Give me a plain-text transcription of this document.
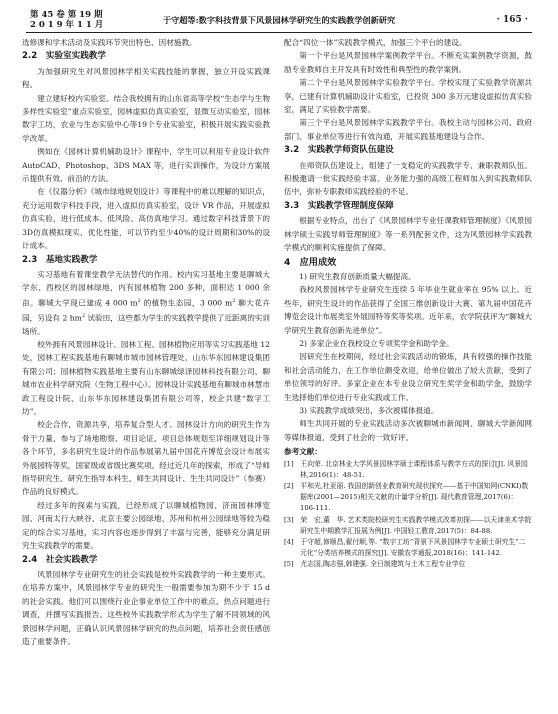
第 45 卷 第 19 期
2 0 1 9 年 1 1 月	于守超等:数字科技背景下风景园林学研究生的实践教学创新研究	· 165 ·

选修课和学术活动及实践环节突出特色、因材施教。

2.2　实验室实践教学

为加强研究生对风景园林学相关实践技能的掌握，独立开设实践课程。

建立建好校内实验室。结合我校拥有的山东省高等学校“生态学与生物多样性实验室”重点实验室，园林虚拟仿真实验室，显微互动实验室，园林数字工坊，农业与生态实验中心等19个专业实验室，积极开展实践实验教学改革。

例如在《园林计算机辅助设计》课程中，学生可以利用专业设计软件 AutoCAD、Photoshop、3DS MAX 等，进行实训操作，为设计方案展示提供有效、前沿的方法。

在《仪器分析》《城市绿地规划设计》等课程中的难以理解的知识点，充分运用数字科技手段，进入虚拟仿真实验室，设计 VR 作品，开展虚拟仿真实验，进行低成本、低风险、高仿真地学习。通过数字科技背景下的3D仿真模拟现实、优化性能，可以节约至少40%的设计周期和30%的设计成本。

2.3　基地实践教学

实习基地有着课堂教学无法替代的作用。校内实习基地主要是聊城大学东、西校区的园林绿地，内有园林植物 200 多种，面积达 1 000 余亩。聊城大学现已建成 4 000 $m^2$ 的植物生态园，3 000 $m^2$ 聊大花卉园，另设有 2 $hm^2$ 试验田，这些都为学生的实践教学提供了近距离的实训场所。

校外拥有风景园林设计、园林工程、园林植物应用等实习实践基地 12 处，园林工程实践基地有聊城市城市园林管理处、山东华东园林建设集团有限公司；园林植物实践基地主要有山东聊城绿泽园林科技有限公司、聊城市农业科学研究院（生物工程中心）。园林设计实践基地有聊城市林慧市政工程设计院、山东华东园林建设集团有限公司等，校企共建“数字工坊”。

校企合作，资源共享，培养复合型人才。园林设计方向的研究生作为骨干力量，参与了场地勘察、项目论证、项目总体规划至详细规划设计等各个环节，多名研究生设计的作品参展第九届中国花卉博览会设计布展实外展园特等奖，国家级或省级比赛奖项。经过近几年的探索，形成了“导师指导研究生、研究生指导本科生、师生共同设计、生生共同设计”（参赛）作品的良好模式。

经过多年的探索与实践，已经形成了以聊城植物园、济南园林博览园、河南太行大峡谷、北京主要公园绿地、苏州和杭州公园绿地等较为稳定的综合实习基地，实习内容也逐步得到了丰富与完善，能够充分满足研究生实践教学的需要。

2.4　社会实践教学

风景园林学专业研究生的社会实践是校外实践教学的一种主要形式。在培养方案中，风景园林学专业的研究生一般需要参加为期不少于 15 d 的社会实践。他们可以围绕行业企事业单位工作中的难点、热点问题进行调查，并撰写实践报告。这些校外实践教学形式为学生了解不同领域的风景园林学问题，正确认识风景园林学研究的热点问题，培养社会责任感创造了重要条件。

配合“四位一体”实践教学模式，加强三个平台的建设。

第一个平台是风景园林学案例教学平台。不断充实案例教学资源，鼓励专业教师自主开发具有时效性和典型性的教学案例。

第二个平台是风景园林学实验教学平台。学校实现了实验教学资源共享，已建有计算机辅助设计实验室，已投资 300 多万元建设虚拟仿真实验室，满足了实验教学需要。

第三个平台是风景园林学实践教学平台。我校主动与园林公司、政府部门、事业单位等进行有效沟通，开展实践基地建设与合作。

3.2　实践教学师资队伍建设

在师资队伍建设上，组建了一支稳定的实践教学专、兼职教师队伍。积极邀请一批实践经验丰富、业务能力强的高级工程师加入到实践教师队伍中，弥补专职教师实践经验的不足。

3.3　实践教学管理制度保障

根据专业特点，出台了《风景园林学专业任课教师管理制度》《风景园林学硕士实践导师管理制度》等一系列配套文件，这为风景园林学实践教学模式的顺利实施提供了保障。

4　应用成效

1) 研究生教育创新质量大幅提高。

我校风景园林学专业研究生连续 5 年毕业生就业率在 95% 以上。近些年，研究生设计的作品获得了全国三维创新设计大赛、第九届中国花卉博览会设计布展类室外展园特等奖等奖项。近年来，农学院获评为“聊城大学研究生教育创新先进单位”。

2) 多家企业在我校设立专项奖学金和助学金。

因研究生在校期间，经过社会实践活动的锻炼，具有较强的操作技能和社会活动能力，在工作单位颇受欢迎，给单位做出了较大贡献，受到了单位领导的好评。多家企业在本专业设立研究生奖学金和助学金，鼓励学生选择他们单位进行专业实践或工作。

3) 实践教学成绩突出，多次被媒体报道。

师生共同开展的专业实践活动多次被聊城市新闻网、聊城大学新闻网等媒体报道，受到了社会的一致好评。

参考文献：

[1]　王向荣. 北京林业大学风景园林学硕士课程体系与教学方式的探讨[J]. 风景园林,2016(1)：48-51.

[2]　平和光,杜亚丽. 我国创新创业教育研究现状探究——基于中国知网(CNKI)数据库(2001—2015)相关文献的计量学分析[J]. 现代教育管理,2017(6)：106-111.

[3]　荣　宏,董　华. 艺术类院校研究生实践教学模式改革初探——以天津美术学院研究生中期教学汇报展为例[J]. 中国轻工教育,2017(5)：84-88.

[4]　于守超,修顺昌,翟付顺,等. “数字工坊”背景下风景园林学专业硕士研究生“二元化”分类培养模式的探究[J]. 安徽农学通报,2018(16)：141-142.

[5]　尤志国,陶志强,韩建强. 全日制建筑与土木工程专业学位
